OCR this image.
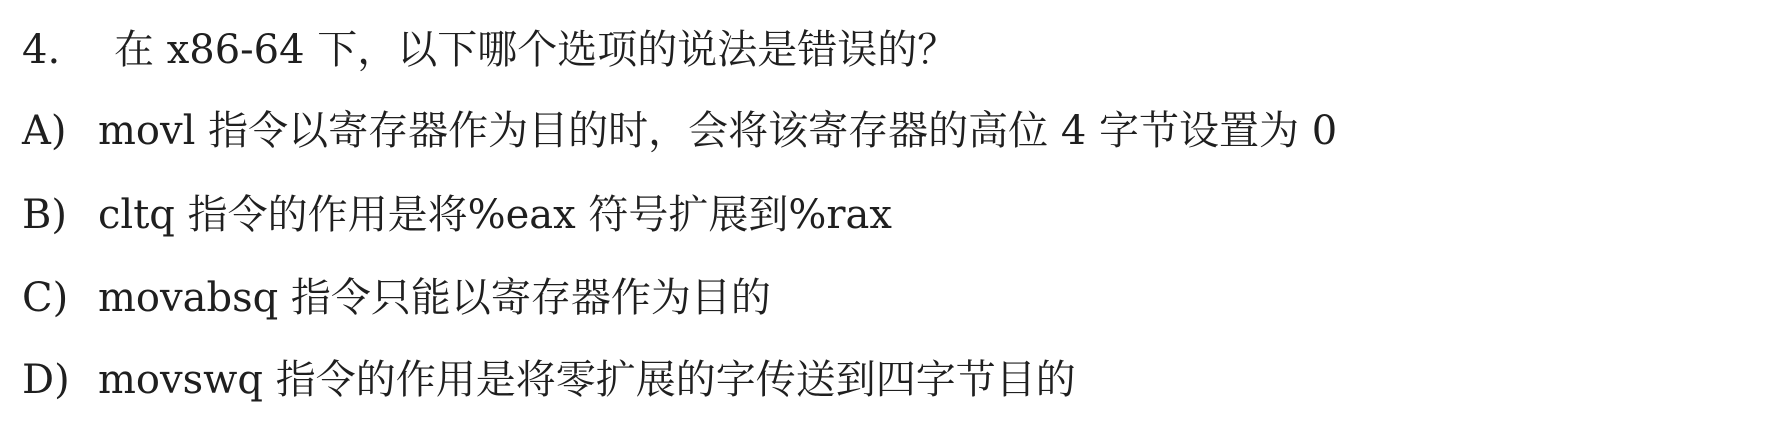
4. 在 x86-64 下，以下哪个选项的说法是错误的？
A) movl 指令以寄存器作为目的时，会将该寄存器的高位 4 字节设置为 0
B) cltq 指令的作用是将%eax 符号扩展到%rax
C) movabsq 指令只能以寄存器作为目的
D) movswq 指令的作用是将零扩展的字传送到四字节目的
